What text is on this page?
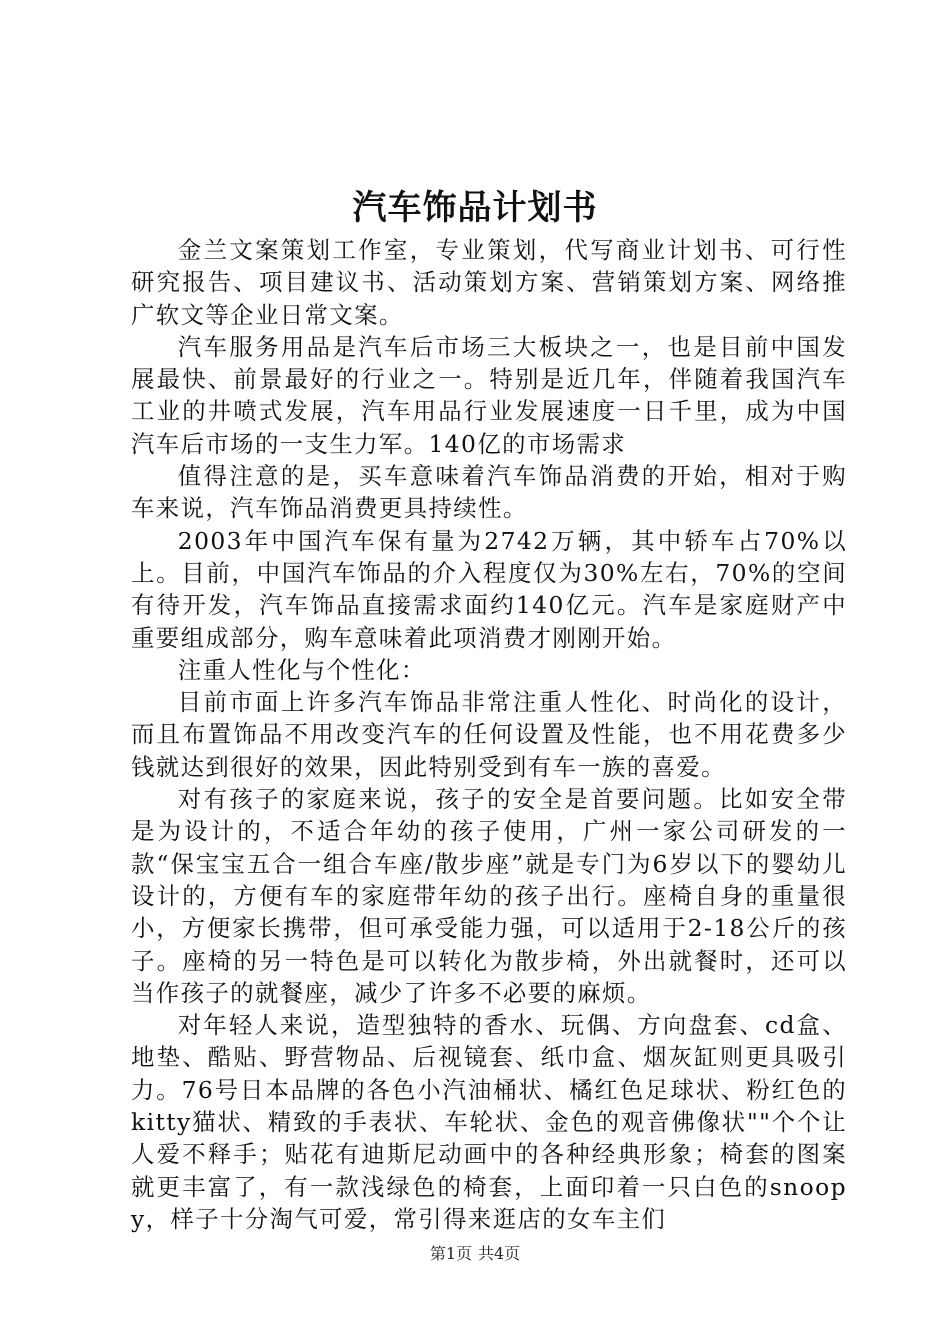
汽车饰品计划书

金兰文案策划工作室，专业策划，代写商业计划书、可行性研究报告、项目建议书、活动策划方案、营销策划方案、网络推广软文等企业日常文案。

汽车服务用品是汽车后市场三大板块之一，也是目前中国发展最快、前景最好的行业之一。特别是近几年，伴随着我国汽车工业的井喷式发展，汽车用品行业发展速度一日千里，成为中国汽车后市场的一支生力军。140亿的市场需求

值得注意的是，买车意味着汽车饰品消费的开始，相对于购车来说，汽车饰品消费更具持续性。

2003年中国汽车保有量为2742万辆，其中轿车占70%以上。目前，中国汽车饰品的介入程度仅为30%左右，70%的空间有待开发，汽车饰品直接需求面约140亿元。汽车是家庭财产中重要组成部分，购车意味着此项消费才刚刚开始。

注重人性化与个性化：

目前市面上许多汽车饰品非常注重人性化、时尚化的设计，而且布置饰品不用改变汽车的任何设置及性能，也不用花费多少钱就达到很好的效果，因此特别受到有车一族的喜爱。

对有孩子的家庭来说，孩子的安全是首要问题。比如安全带是为设计的，不适合年幼的孩子使用，广州一家公司研发的一款“保宝宝五合一组合车座/散步座”就是专门为6岁以下的婴幼儿设计的，方便有车的家庭带年幼的孩子出行。座椅自身的重量很小，方便家长携带，但可承受能力强，可以适用于2-18公斤的孩子。座椅的另一特色是可以转化为散步椅，外出就餐时，还可以当作孩子的就餐座，减少了许多不必要的麻烦。

对年轻人来说，造型独特的香水、玩偶、方向盘套、cd盒、地垫、酷贴、野营物品、后视镜套、纸巾盒、烟灰缸则更具吸引力。76号日本品牌的各色小汽油桶状、橘红色足球状、粉红色的kitty猫状、精致的手表状、车轮状、金色的观音佛像状""个个让人爱不释手；贴花有迪斯尼动画中的各种经典形象；椅套的图案就更丰富了，有一款浅绿色的椅套，上面印着一只白色的snoopy，样子十分淘气可爱，常引得来逛店的女车主们

第1页 共4页
